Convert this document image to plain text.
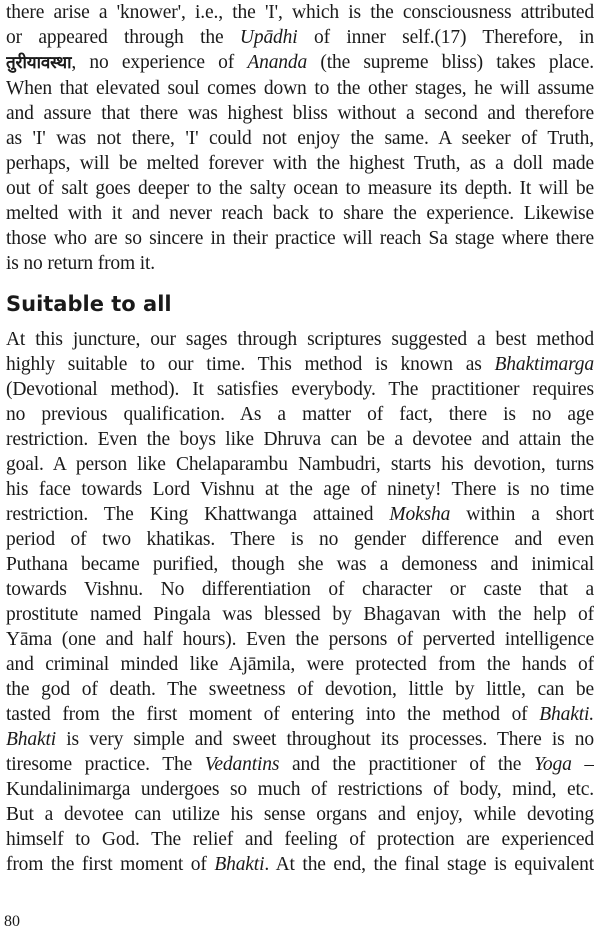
there arise a 'knower', i.e., the 'I', which is the consciousness attributed
or appeared through the Upādhi of inner self.(17) Therefore, in
तुरीयावस्था, no experience of Ananda (the supreme bliss) takes place.
When that elevated soul comes down to the other stages, he will assume
and assure that there was highest bliss without a second and therefore
as 'I' was not there, 'I' could not enjoy the same. A seeker of Truth,
perhaps, will be melted forever with the highest Truth, as a doll made
out of salt goes deeper to the salty ocean to measure its depth. It will be
melted with it and never reach back to share the experience. Likewise
those who are so sincere in their practice will reach Sa stage where there
is no return from it.
Suitable to all
At this juncture, our sages through scriptures suggested a best method
highly suitable to our time. This method is known as Bhaktimarga
(Devotional method). It satisfies everybody. The practitioner requires
no previous qualification. As a matter of fact, there is no age
restriction. Even the boys like Dhruva can be a devotee and attain the
goal. A person like Chelaparambu Nambudri, starts his devotion, turns
his face towards Lord Vishnu at the age of ninety! There is no time
restriction. The King Khattwanga attained Moksha within a short
period of two khatikas. There is no gender difference and even
Puthana became purified, though she was a demoness and inimical
towards Vishnu. No differentiation of character or caste that a
prostitute named Pingala was blessed by Bhagavan with the help of
Yāma (one and half hours). Even the persons of perverted intelligence
and criminal minded like Ajāmila, were protected from the hands of
the god of death. The sweetness of devotion, little by little, can be
tasted from the first moment of entering into the method of Bhakti.
Bhakti is very simple and sweet throughout its processes. There is no
tiresome practice. The Vedantins and the practitioner of the Yoga –
Kundalinimarga undergoes so much of restrictions of body, mind, etc.
But a devotee can utilize his sense organs and enjoy, while devoting
himself to God. The relief and feeling of protection are experienced
from the first moment of Bhakti. At the end, the final stage is equivalent
80
